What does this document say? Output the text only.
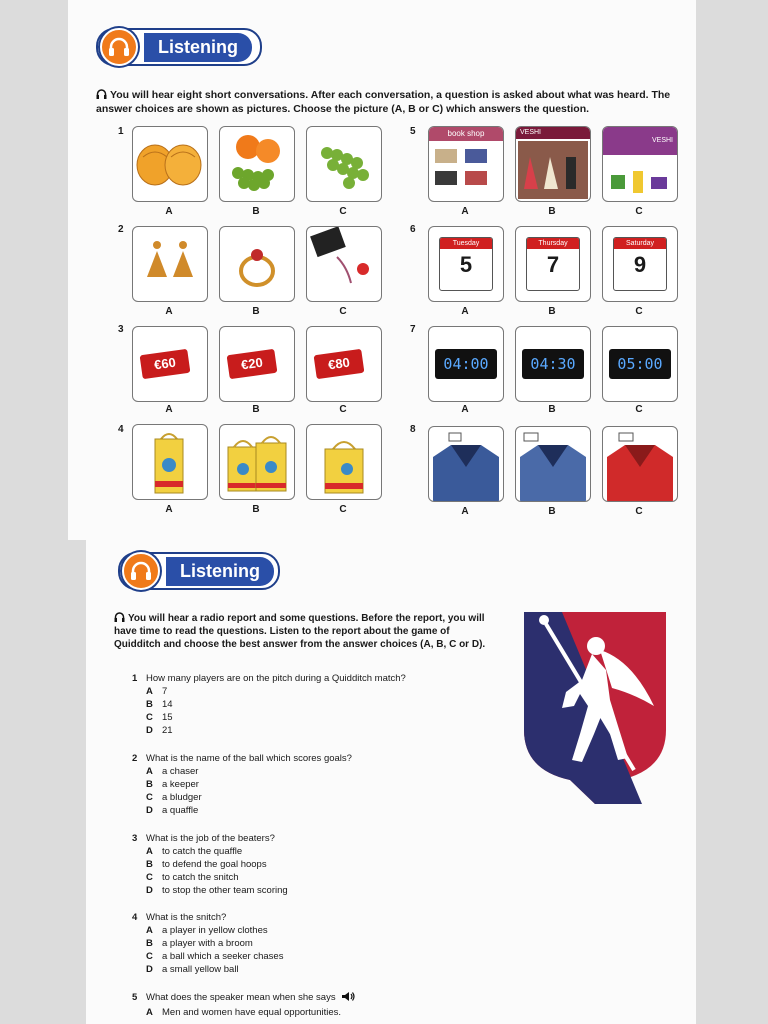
Listening
You will hear eight short conversations. After each conversation, a question is asked about what was heard. The answer choices are shown as pictures. Choose the picture (A, B or C) which answers the question.
1
2
3
4
5
6
7
8
A	B	C
book shop	VESHI
VESHI
A	B	C
A	B	C
Tuesday
5
Thursday
7
Saturday
9
A	B	C
€60	€20	€80
A	B	C
04:00	04:30	05:00
A	B	C
A	B	C	A	B	C
Listening
You will hear a radio report and some questions. Before the report, you will have time to read the questions. Listen to the report about the game of Quidditch and choose the best answer from the answer choices (A, B, C or D).
1 How many players are on the pitch during a Quidditch match?
A 7
B 14
C 15
D 21
2 What is the name of the ball which scores goals?
A a chaser
B a keeper
C a bludger
D a quaffle
3 What is the job of the beaters?
A to catch the quaffle
B to defend the goal hoops
C to catch the snitch
D to stop the other team scoring
4 What is the snitch?
A a player in yellow clothes
B a player with a broom
C a ball which a seeker chases
D a small yellow ball
5 What does the speaker mean when she says
A Men and women have equal opportunities.
